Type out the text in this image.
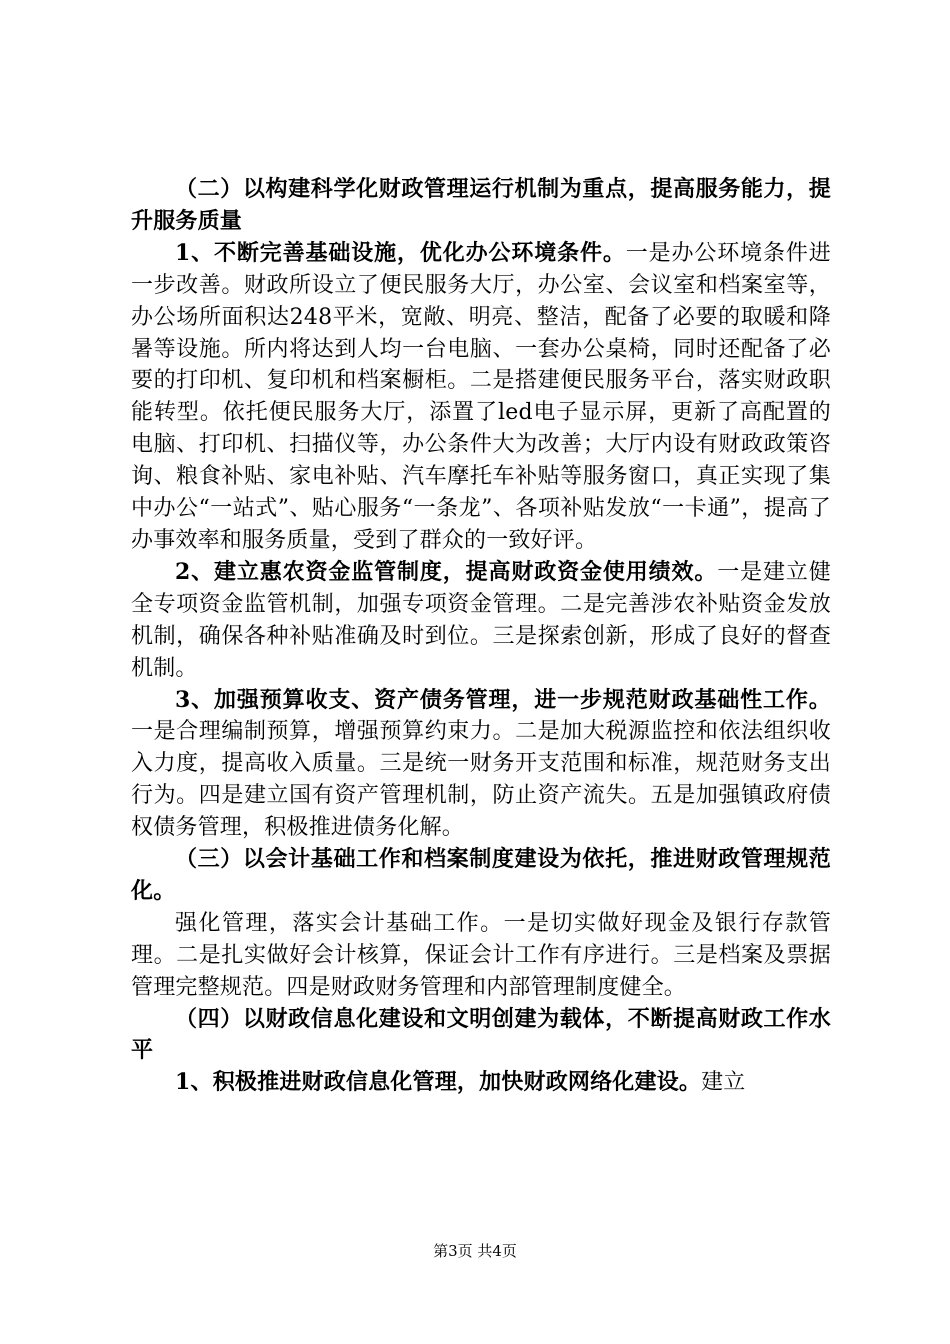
（二）以构建科学化财政管理运行机制为重点，提高服务能力，提升服务质量

1、不断完善基础设施，优化办公环境条件。一是办公环境条件进一步改善。财政所设立了便民服务大厅，办公室、会议室和档案室等，办公场所面积达248平米，宽敞、明亮、整洁，配备了必要的取暖和降暑等设施。所内将达到人均一台电脑、一套办公桌椅，同时还配备了必要的打印机、复印机和档案橱柜。二是搭建便民服务平台，落实财政职能转型。依托便民服务大厅，添置了led电子显示屏，更新了高配置的电脑、打印机、扫描仪等，办公条件大为改善；大厅内设有财政政策咨询、粮食补贴、家电补贴、汽车摩托车补贴等服务窗口，真正实现了集中办公“一站式”、贴心服务“一条龙”、各项补贴发放“一卡通”，提高了办事效率和服务质量，受到了群众的一致好评。

2、建立惠农资金监管制度，提高财政资金使用绩效。一是建立健全专项资金监管机制，加强专项资金管理。二是完善涉农补贴资金发放机制，确保各种补贴准确及时到位。三是探索创新，形成了良好的督查机制。

3、加强预算收支、资产债务管理，进一步规范财政基础性工作。一是合理编制预算，增强预算约束力。二是加大税源监控和依法组织收入力度，提高收入质量。三是统一财务开支范围和标准，规范财务支出行为。四是建立国有资产管理机制，防止资产流失。五是加强镇政府债权债务管理，积极推进债务化解。

（三）以会计基础工作和档案制度建设为依托，推进财政管理规范化。

强化管理，落实会计基础工作。一是切实做好现金及银行存款管理。二是扎实做好会计核算，保证会计工作有序进行。三是档案及票据管理完整规范。四是财政财务管理和内部管理制度健全。

（四）以财政信息化建设和文明创建为载体，不断提高财政工作水平

1、积极推进财政信息化管理，加快财政网络化建设。建立

第3页 共4页
